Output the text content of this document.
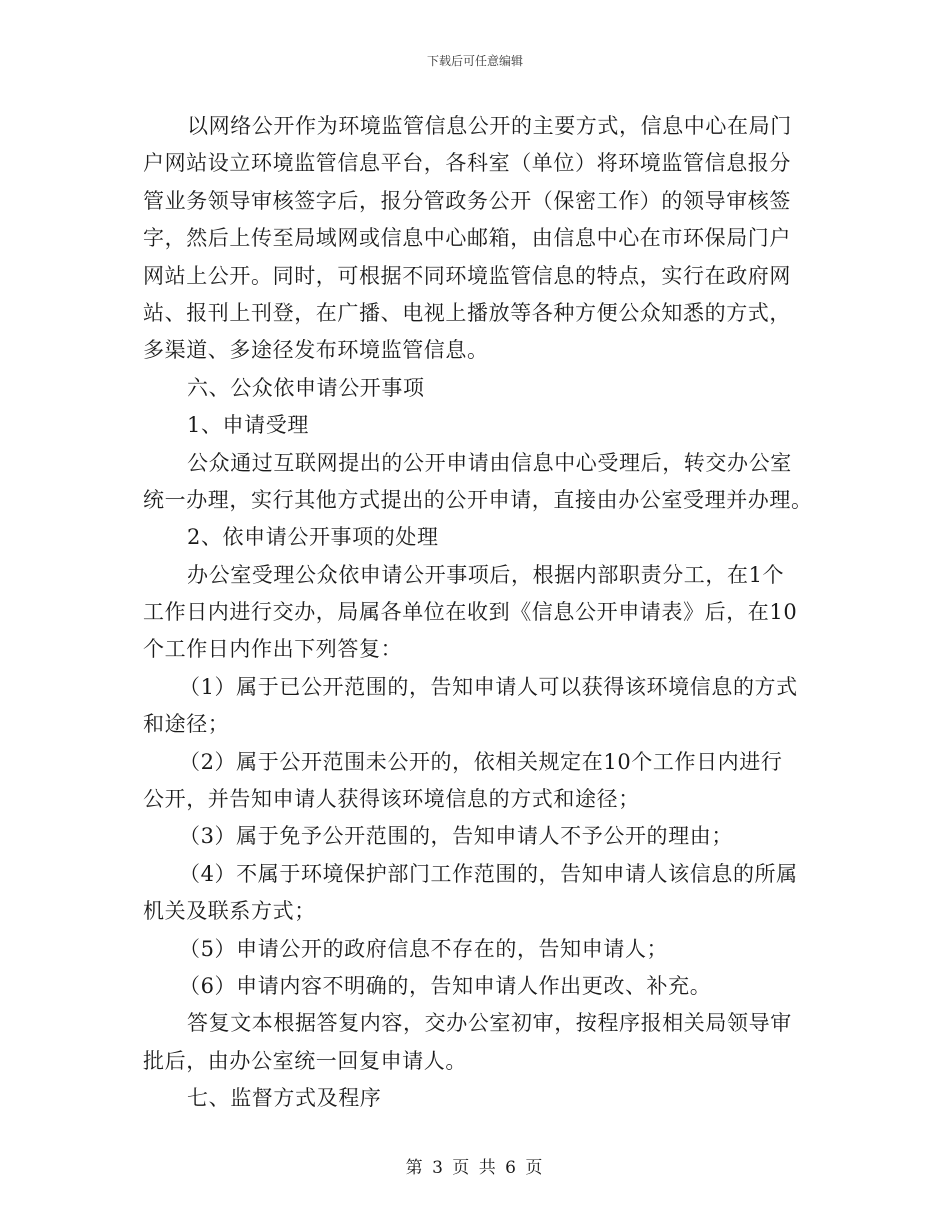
下载后可任意编辑
以网络公开作为环境监管信息公开的主要方式，信息中心在局门
户网站设立环境监管信息平台，各科室（单位）将环境监管信息报分
管业务领导审核签字后，报分管政务公开（保密工作）的领导审核签
字，然后上传至局域网或信息中心邮箱，由信息中心在市环保局门户
网站上公开。同时，可根据不同环境监管信息的特点，实行在政府网
站、报刊上刊登，在广播、电视上播放等各种方便公众知悉的方式，
多渠道、多途径发布环境监管信息。
六、公众依申请公开事项
1、申请受理
公众通过互联网提出的公开申请由信息中心受理后，转交办公室
统一办理，实行其他方式提出的公开申请，直接由办公室受理并办理。
2、依申请公开事项的处理
办公室受理公众依申请公开事项后，根据内部职责分工，在1个
工作日内进行交办，局属各单位在收到《信息公开申请表》后，在10
个工作日内作出下列答复：
（1）属于已公开范围的，告知申请人可以获得该环境信息的方式
和途径；
（2）属于公开范围未公开的，依相关规定在10个工作日内进行
公开，并告知申请人获得该环境信息的方式和途径；
（3）属于免予公开范围的，告知申请人不予公开的理由；
（4）不属于环境保护部门工作范围的，告知申请人该信息的所属
机关及联系方式；
（5）申请公开的政府信息不存在的，告知申请人；
（6）申请内容不明确的，告知申请人作出更改、补充。
答复文本根据答复内容，交办公室初审，按程序报相关局领导审
批后，由办公室统一回复申请人。
七、监督方式及程序
第 3 页 共 6 页
